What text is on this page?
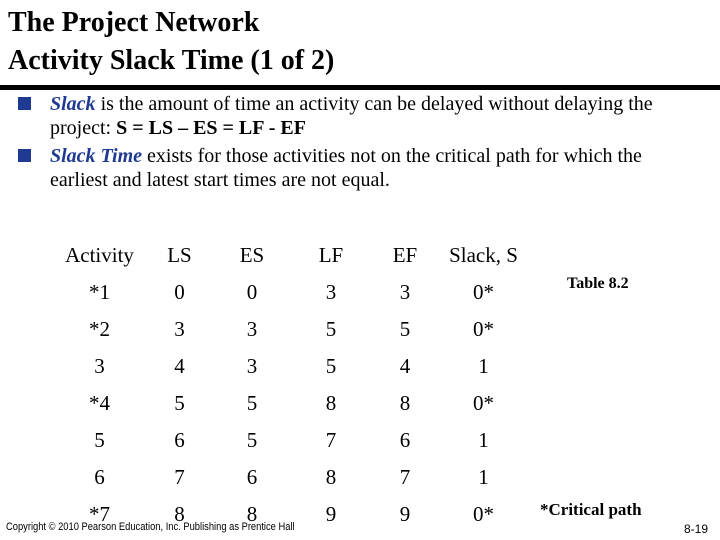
The Project Network
Activity Slack Time (1 of 2)
Slack is the amount of time an activity can be delayed without delaying the project: S = LS – ES = LF - EF
Slack Time exists for those activities not on the critical path for which the earliest and latest start times are not equal.
Activity	LS	ES	LF	EF	Slack, S
*1	0	0	3	3	0*
*2	3	3	5	5	0*
3	4	3	5	4	1
*4	5	5	8	8	0*
5	6	5	7	6	1
6	7	6	8	7	1
*7	8	8	9	9	0*
Table 8.2
*Critical path
Copyright © 2010 Pearson Education, Inc. Publishing as Prentice Hall	8-19
